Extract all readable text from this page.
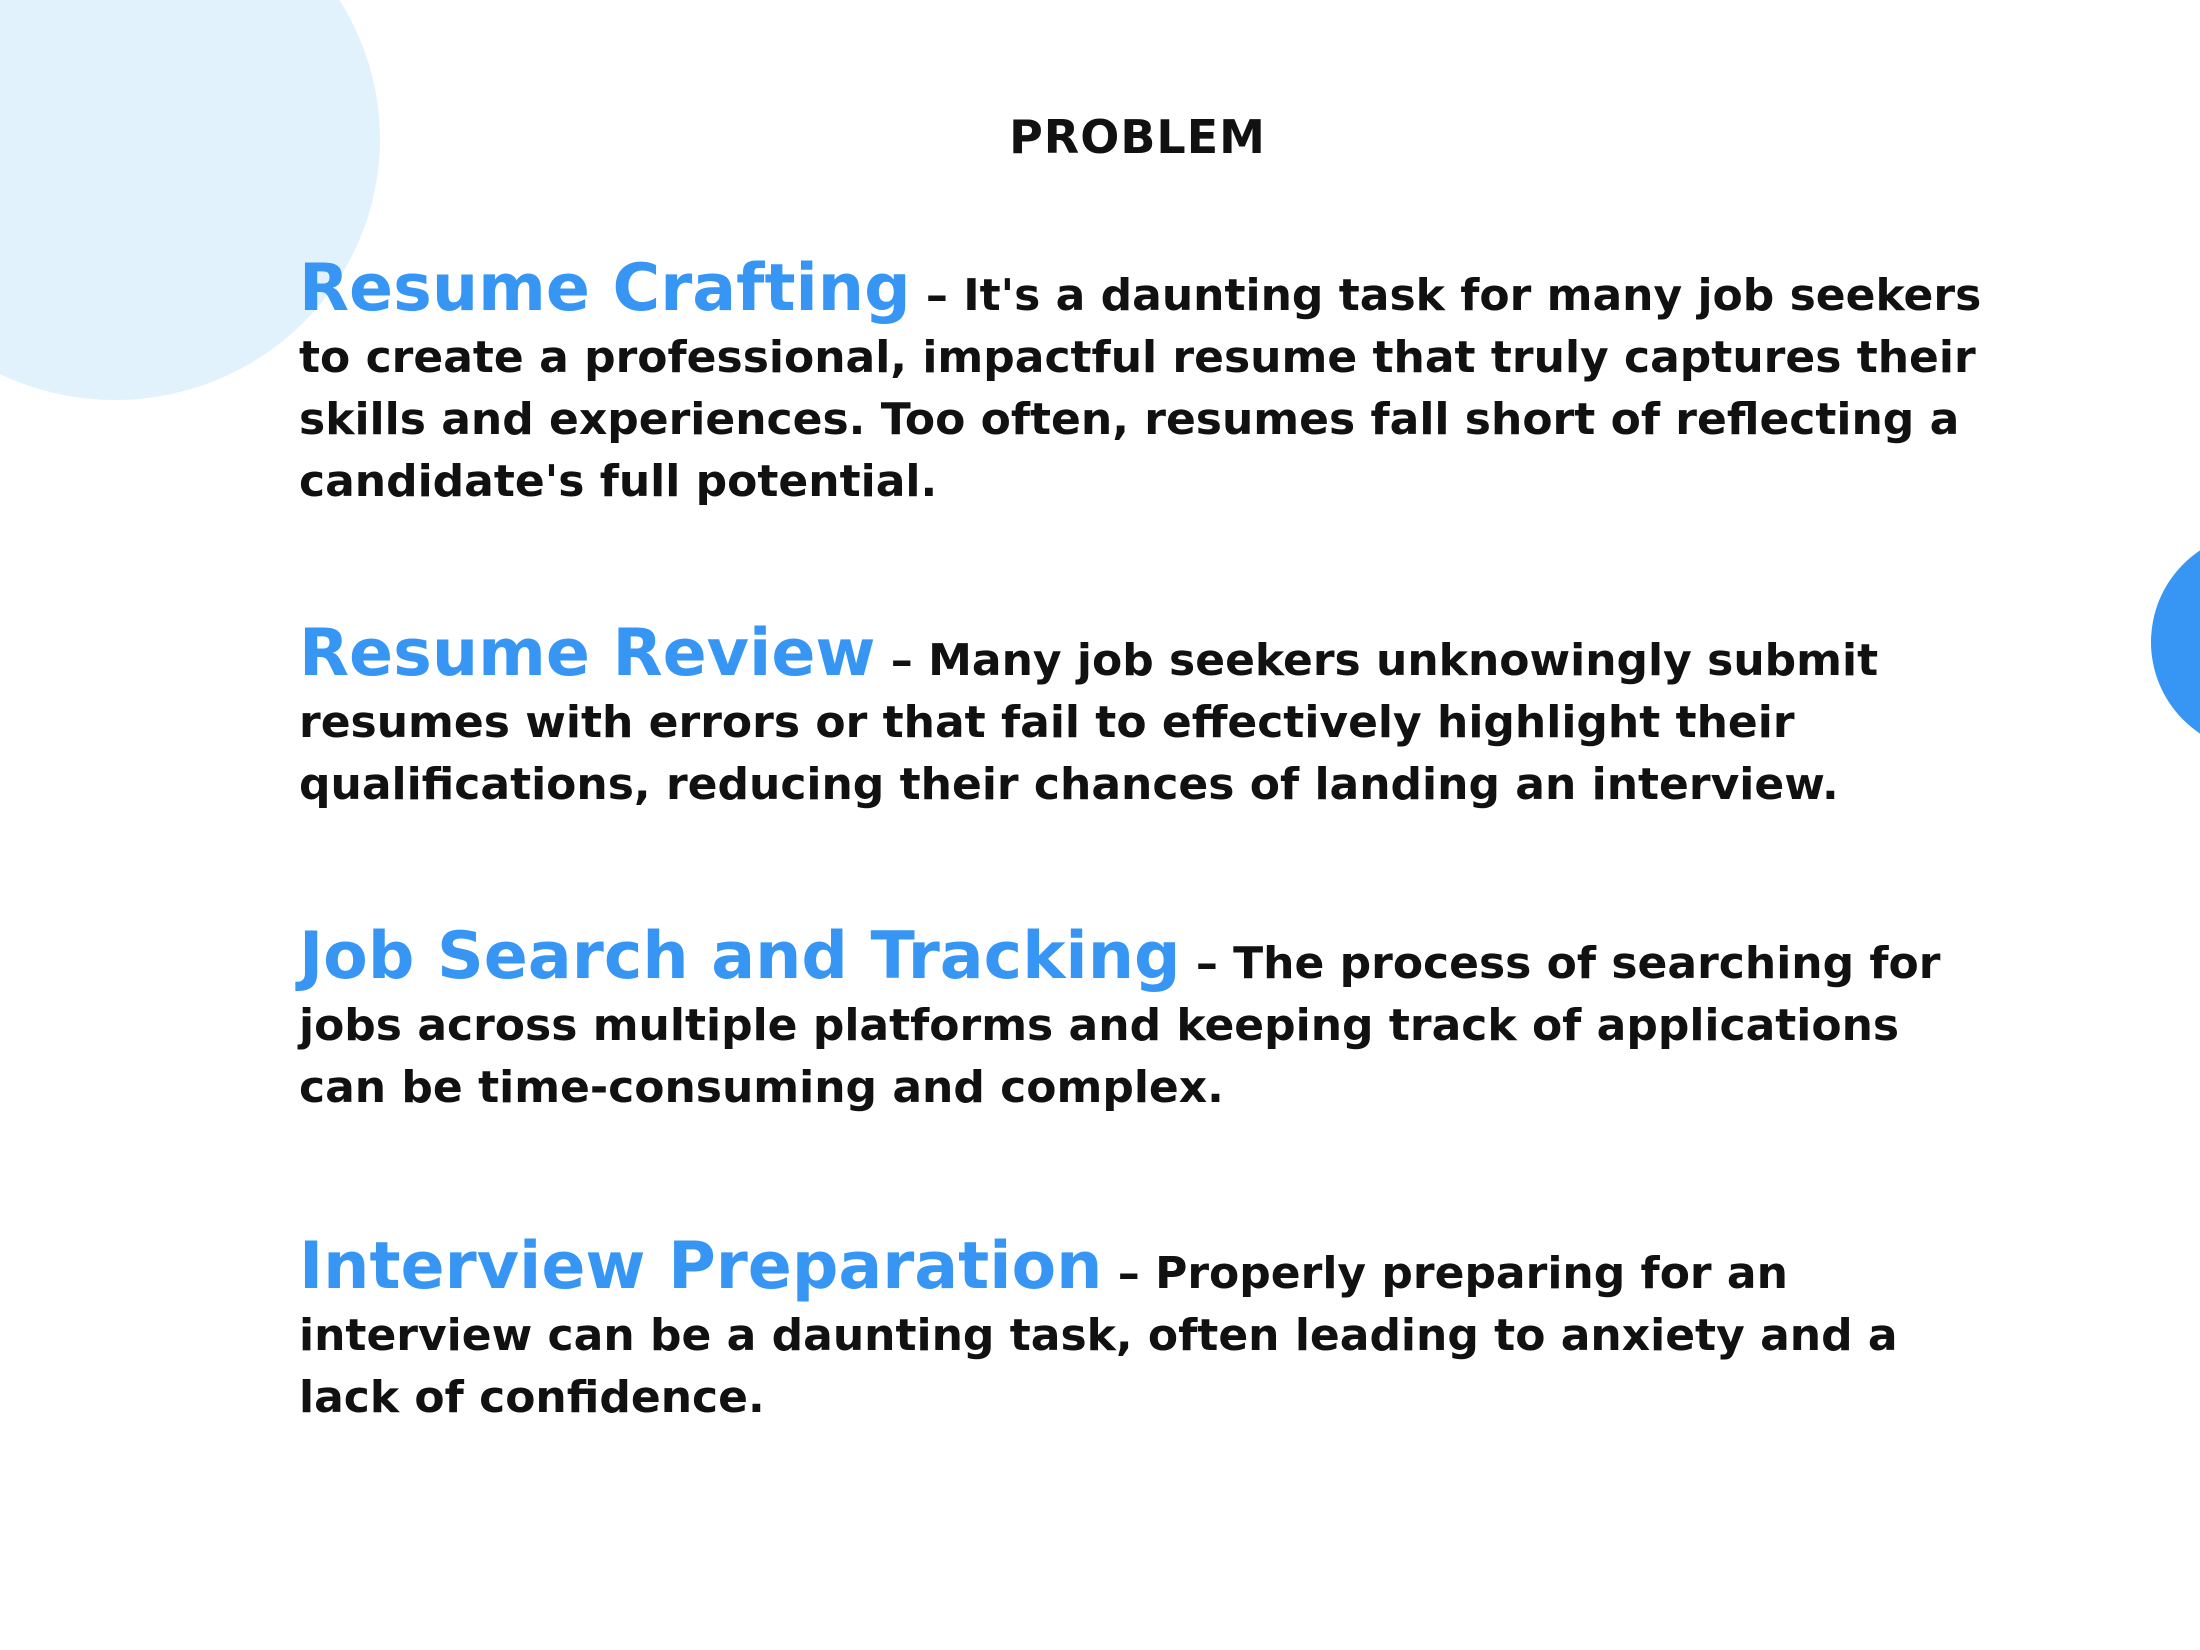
PROBLEM

Resume Crafting – It's a daunting task for many job seekers to create a professional, impactful resume that truly captures their skills and experiences. Too often, resumes fall short of reflecting a candidate's full potential.

Resume Review – Many job seekers unknowingly submit resumes with errors or that fail to effectively highlight their qualifications, reducing their chances of landing an interview.

Job Search and Tracking – The process of searching for jobs across multiple platforms and keeping track of applications can be time-consuming and complex.

Interview Preparation – Properly preparing for an interview can be a daunting task, often leading to anxiety and a lack of confidence.
